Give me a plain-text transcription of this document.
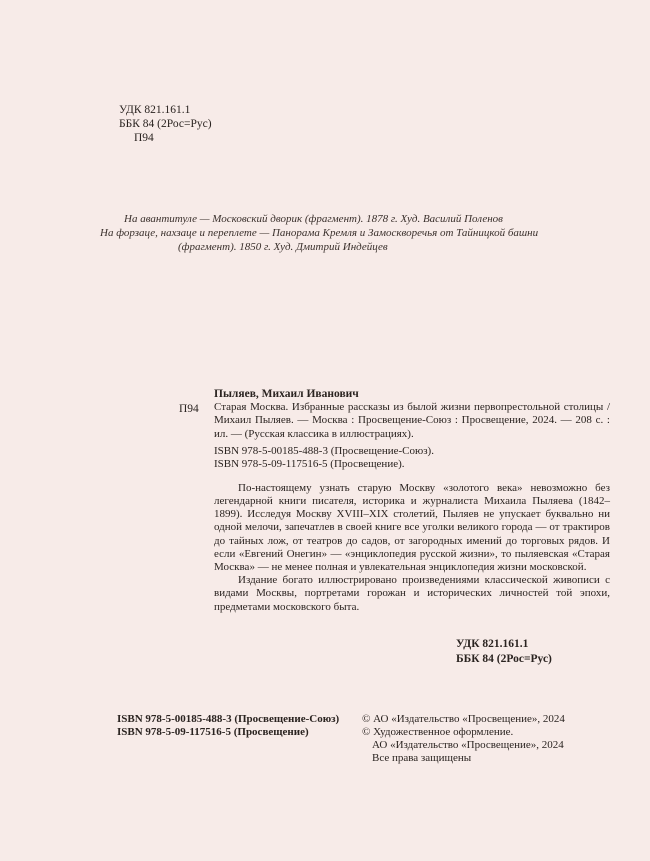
УДК 821.161.1
ББК 84 (2Рос=Рус)
П94
На авантитуле — Московский дворик (фрагмент). 1878 г. Худ. Василий Поленов
На форзаце, нахзаце и переплете — Панорама Кремля и Замоскворечья от Тайницкой башни
(фрагмент). 1850 г. Худ. Дмитрий Индейцев
П94
Пыляев, Михаил Иванович
Старая Москва. Избранные рассказы из былой жизни первопрестольной столицы / Михаил Пыляев. — Москва : Просвещение-Союз : Просвещение, 2024. — 208 с. : ил. — (Русская классика в иллюстрациях).
ISBN 978-5-00185-488-3 (Просвещение-Союз).
ISBN 978-5-09-117516-5 (Просвещение).

По-настоящему узнать старую Москву «золотого века» невозможно без легендарной книги писателя, историка и журналиста Михаила Пыляева (1842–1899). Исследуя Москву XVIII–XIX столетий, Пыляев не упускает буквально ни одной мелочи, запечатлев в своей книге все уголки великого города — от трактиров до тайных лож, от театров до садов, от загородных имений до торговых рядов. И если «Евгений Онегин» — «энциклопедия русской жизни», то пыляевская «Старая Москва» — не менее полная и увлекательная энциклопедия жизни московской.

Издание богато иллюстрировано произведениями классической живописи с видами Москвы, портретами горожан и исторических личностей той эпохи, предметами московского быта.

УДК 821.161.1
ББК 84 (2Рос=Рус)
ISBN 978-5-00185-488-3 (Просвещение-Союз)
ISBN 978-5-09-117516-5 (Просвещение)
© АО «Издательство «Просвещение», 2024
© Художественное оформление.
АО «Издательство «Просвещение», 2024
Все права защищены
